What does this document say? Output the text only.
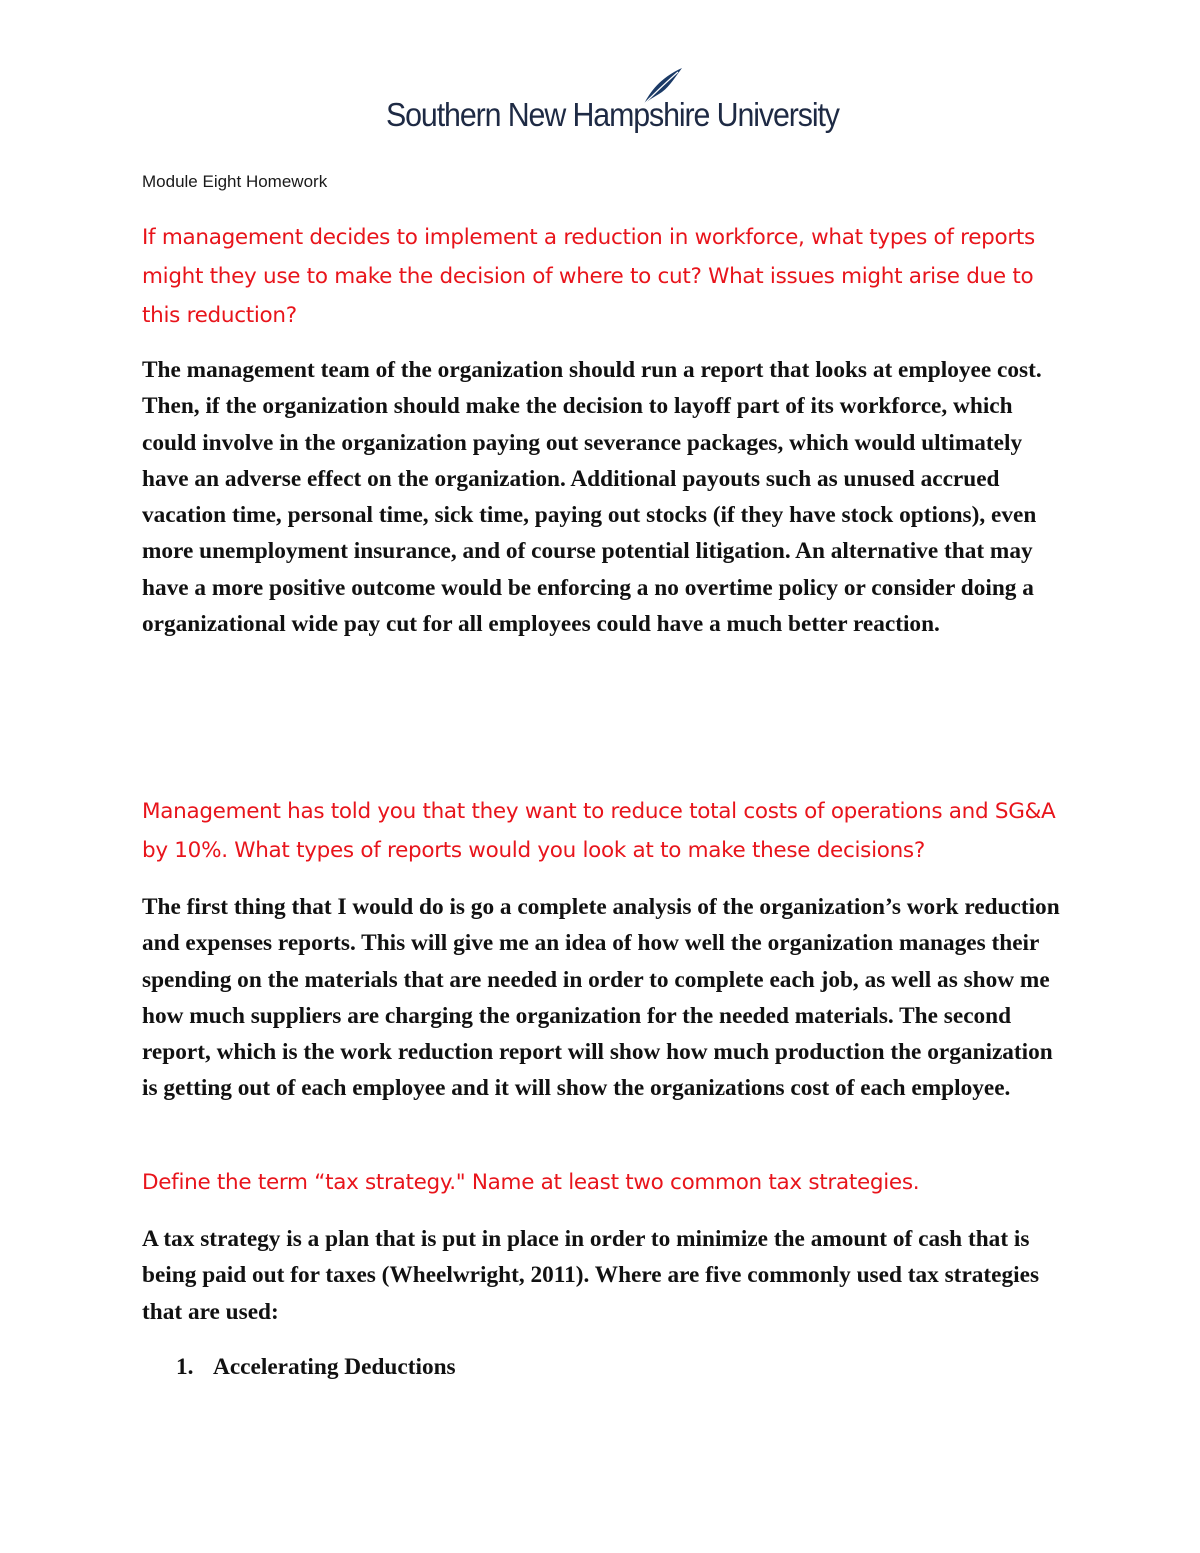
Southern New Hampshire University
Module Eight Homework
If management decides to implement a reduction in workforce, what types of reports might they use to make the decision of where to cut? What issues might arise due to this reduction?
The management team of the organization should run a report that looks at employee cost. Then, if the organization should make the decision to layoff part of its workforce, which could involve in the organization paying out severance packages, which would ultimately have an adverse effect on the organization. Additional payouts such as unused accrued vacation time, personal time, sick time, paying out stocks (if they have stock options), even more unemployment insurance, and of course potential litigation. An alternative that may have a more positive outcome would be enforcing a no overtime policy or consider doing a organizational wide pay cut for all employees could have a much better reaction.
Management has told you that they want to reduce total costs of operations and SG&A by 10%. What types of reports would you look at to make these decisions?
The first thing that I would do is go a complete analysis of the organization’s work reduction and expenses reports. This will give me an idea of how well the organization manages their spending on the materials that are needed in order to complete each job, as well as show me how much suppliers are charging the organization for the needed materials. The second report, which is the work reduction report will show how much production the organization is getting out of each employee and it will show the organizations cost of each employee.
Define the term “tax strategy." Name at least two common tax strategies.
A tax strategy is a plan that is put in place in order to minimize the amount of cash that is being paid out for taxes (Wheelwright, 2011). Where are five commonly used tax strategies that are used:
1. Accelerating Deductions
